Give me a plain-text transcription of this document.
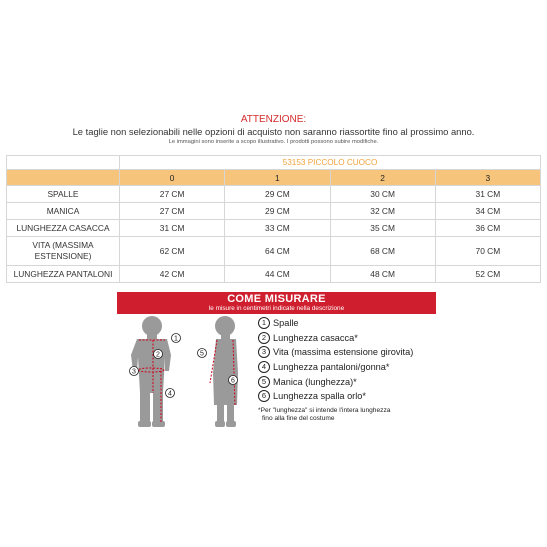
ATTENZIONE:
Le taglie non selezionabili nelle opzioni di acquisto non saranno riassortite fino al prossimo anno.
Le immagini sono inserite a scopo illustrativo. I prodotti possono subire modifiche.
	53153 PICCOLO CUOCO			
	0	1	2	3
SPALLE	27 CM	29 CM	30 CM	31 CM
MANICA	27 CM	29 CM	32 CM	34 CM
LUNGHEZZA CASACCA	31 CM	33 CM	35 CM	36 CM

VITA (MASSIMA
ESTENSIONE)	62 CM	64 CM	68 CM	70 CM
LUNGHEZZA PANTALONI	42 CM	44 CM	48 CM	52 CM
COME MISURARE
le misure in centimetri indicate nella descrizione
1
2
3
4
5
6
1 Spalle
2 Lunghezza casacca*
3 Vita (massima estensione girovita)
4 Lunghezza pantaloni/gonna*
5 Manica (lunghezza)*
6 Lunghezza spalla orlo*
*Per "lunghezza" si intende l'intera lunghezza
fino alla fine del costume
